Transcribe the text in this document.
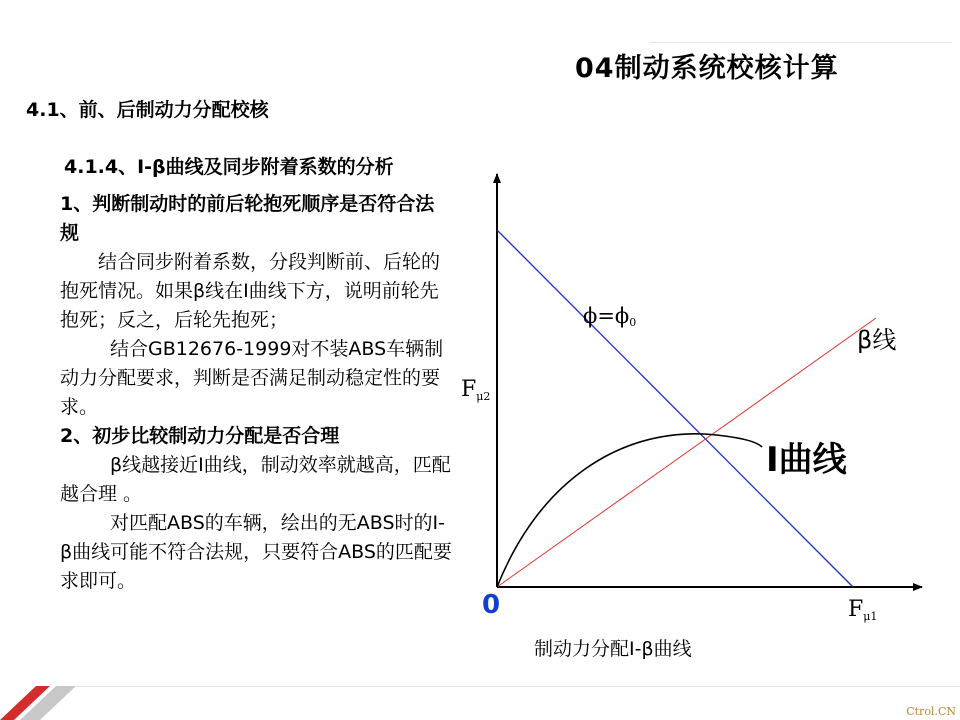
04制动系统校核计算
4.1、前、后制动力分配校核
4.1.4、I-β曲线及同步附着系数的分析

1、判断制动时的前后轮抱死顺序是否符合法规

结合同步附着系数，分段判断前、后轮的抱死情况。如果β线在I曲线下方，说明前轮先抱死；反之，后轮先抱死；

结合GB12676-1999对不装ABS车辆制动力分配要求，判断是否满足制动稳定性的要求。

2、初步比较制动力分配是否合理

β线越接近I曲线，制动效率就越高，匹配越合理 。

对匹配ABS的车辆，绘出的无ABS时的I-β曲线可能不符合法规，只要符合ABS的匹配要求即可。

0
Fμ2
Fμ1
ϕ=ϕ0
β线
I曲线
制动力分配I-β曲线
Ctrol.CN
